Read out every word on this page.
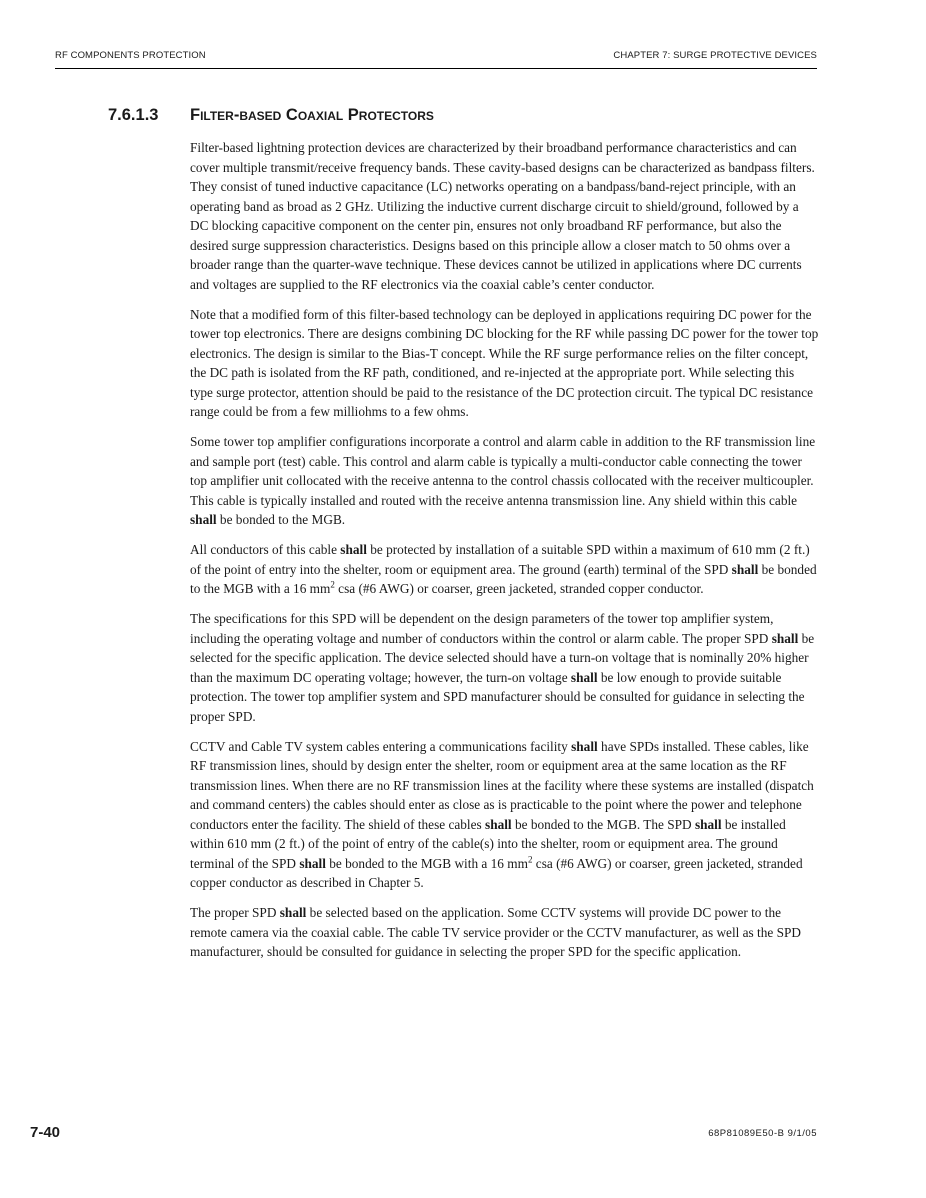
RF COMPONENTS PROTECTION	CHAPTER 7: SURGE PROTECTIVE DEVICES
7.6.1.3 Filter-based Coaxial Protectors

Filter-based lightning protection devices are characterized by their broadband performance characteristics and can cover multiple transmit/receive frequency bands. These cavity-based designs can be characterized as bandpass filters. They consist of tuned inductive capacitance (LC) networks operating on a bandpass/band-reject principle, with an operating band as broad as 2 GHz. Utilizing the inductive current discharge circuit to shield/ground, followed by a DC blocking capacitive component on the center pin, ensures not only broadband RF performance, but also the desired surge suppression characteristics. Designs based on this principle allow a closer match to 50 ohms over a broader range than the quarter-wave technique. These devices cannot be utilized in applications where DC currents and voltages are supplied to the RF electronics via the coaxial cable’s center conductor.

Note that a modified form of this filter-based technology can be deployed in applications requiring DC power for the tower top electronics. There are designs combining DC blocking for the RF while passing DC power for the tower top electronics. The design is similar to the Bias-T concept. While the RF surge performance relies on the filter concept, the DC path is isolated from the RF path, conditioned, and re-injected at the appropriate port. While selecting this type surge protector, attention should be paid to the resistance of the DC protection circuit. The typical DC resistance range could be from a few milliohms to a few ohms.

Some tower top amplifier configurations incorporate a control and alarm cable in addition to the RF transmission line and sample port (test) cable. This control and alarm cable is typically a multi-conductor cable connecting the tower top amplifier unit collocated with the receive antenna to the control chassis collocated with the receiver multicoupler. This cable is typically installed and routed with the receive antenna transmission line. Any shield within this cable shall be bonded to the MGB.

All conductors of this cable shall be protected by installation of a suitable SPD within a maximum of 610 mm (2 ft.) of the point of entry into the shelter, room or equipment area. The ground (earth) terminal of the SPD shall be bonded to the MGB with a 16 $mm^2$ csa (#6 AWG) or coarser, green jacketed, stranded copper conductor.

The specifications for this SPD will be dependent on the design parameters of the tower top amplifier system, including the operating voltage and number of conductors within the control or alarm cable. The proper SPD shall be selected for the specific application. The device selected should have a turn-on voltage that is nominally 20% higher than the maximum DC operating voltage; however, the turn-on voltage shall be low enough to provide suitable protection. The tower top amplifier system and SPD manufacturer should be consulted for guidance in selecting the proper SPD.

CCTV and Cable TV system cables entering a communications facility shall have SPDs installed. These cables, like RF transmission lines, should by design enter the shelter, room or equipment area at the same location as the RF transmission lines. When there are no RF transmission lines at the facility where these systems are installed (dispatch and command centers) the cables should enter as close as is practicable to the point where the power and telephone conductors enter the facility. The shield of these cables shall be bonded to the MGB. The SPD shall be installed within 610 mm (2 ft.) of the point of entry of the cable(s) into the shelter, room or equipment area. The ground terminal of the SPD shall be bonded to the MGB with a 16 $mm^2$ csa (#6 AWG) or coarser, green jacketed, stranded copper conductor as described in Chapter 5.

The proper SPD shall be selected based on the application. Some CCTV systems will provide DC power to the remote camera via the coaxial cable. The cable TV service provider or the CCTV manufacturer, as well as the SPD manufacturer, should be consulted for guidance in selecting the proper SPD for the specific application.

7-40	68P81089E50-B 9/1/05
